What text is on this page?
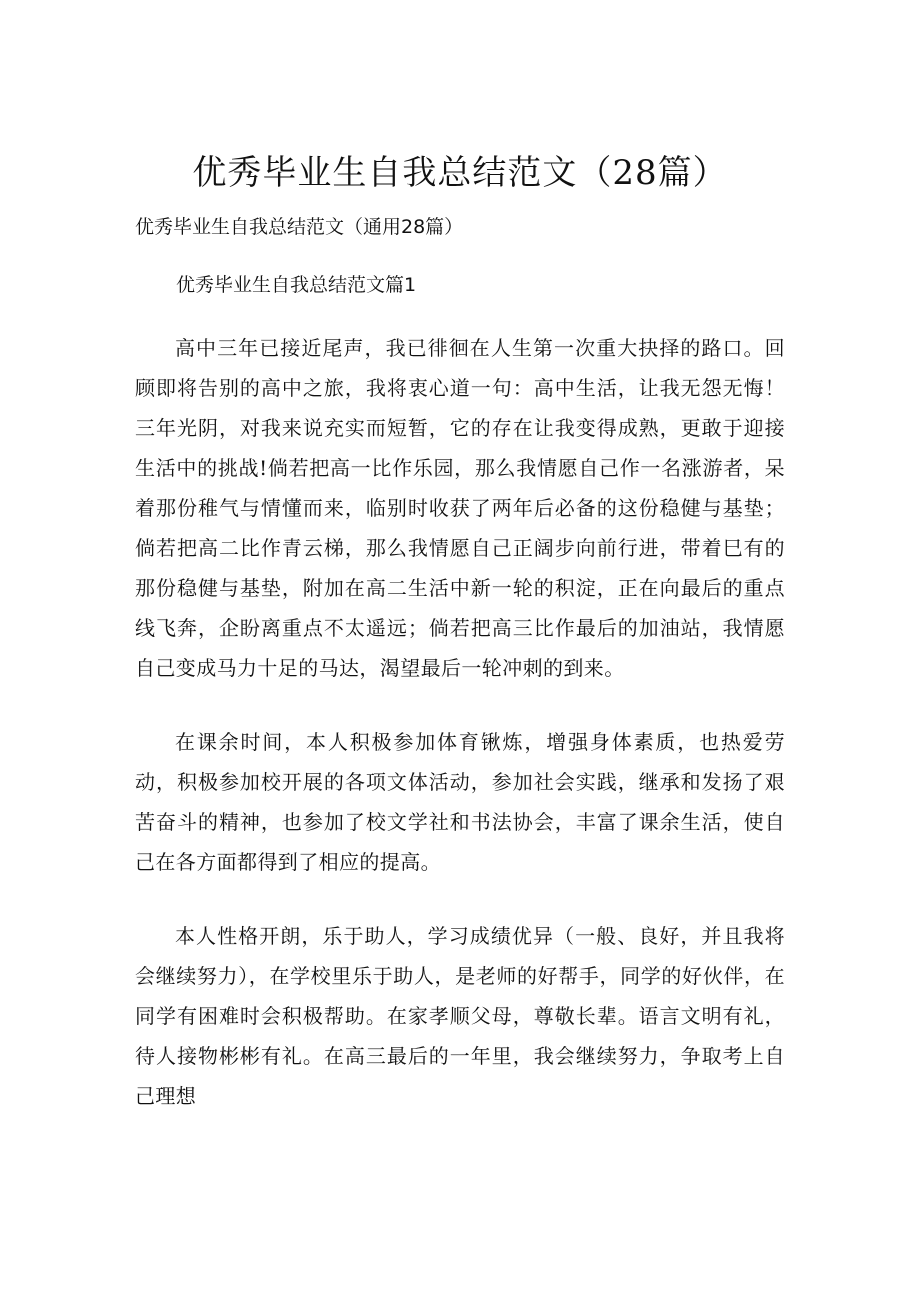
优秀毕业生自我总结范文（28篇）

优秀毕业生自我总结范文（通用28篇）

优秀毕业生自我总结范文篇1

高中三年已接近尾声，我已徘徊在人生第一次重大抉择的路口。回顾即将告别的高中之旅，我将衷心道一句：高中生活，让我无怨无悔！三年光阴，对我来说充实而短暂，它的存在让我变得成熟，更敢于迎接生活中的挑战!倘若把高一比作乐园，那么我情愿自己作一名涨游者，呆着那份稚气与情懂而来，临别时收获了两年后必备的这份稳健与基垫；倘若把高二比作青云梯，那么我情愿自己正阔步向前行进，带着巳有的那份稳健与基垫，附加在高二生活中新一轮的积淀，正在向最后的重点线飞奔，企盼离重点不太遥远；倘若把高三比作最后的加油站，我情愿自己变成马力十足的马达，渴望最后一轮冲刺的到来。

在课余时间，本人积极参加体育锹炼，增强身体素质，也热爱劳动，积极参加校开展的各项文体活动，参加社会实践，继承和发扬了艰苦奋斗的精神，也参加了校文学社和书法协会，丰富了课余生活，使自己在各方面都得到了相应的提高。

本人性格开朗，乐于助人，学习成绩优异（一般、良好，并且我将会继续努力），在学校里乐于助人，是老师的好帮手，同学的好伙伴，在同学有困难时会积极帮助。在家孝顺父母，尊敬长辈。语言文明有礼，待人接物彬彬有礼。在高三最后的一年里，我会继续努力，争取考上自己理想
